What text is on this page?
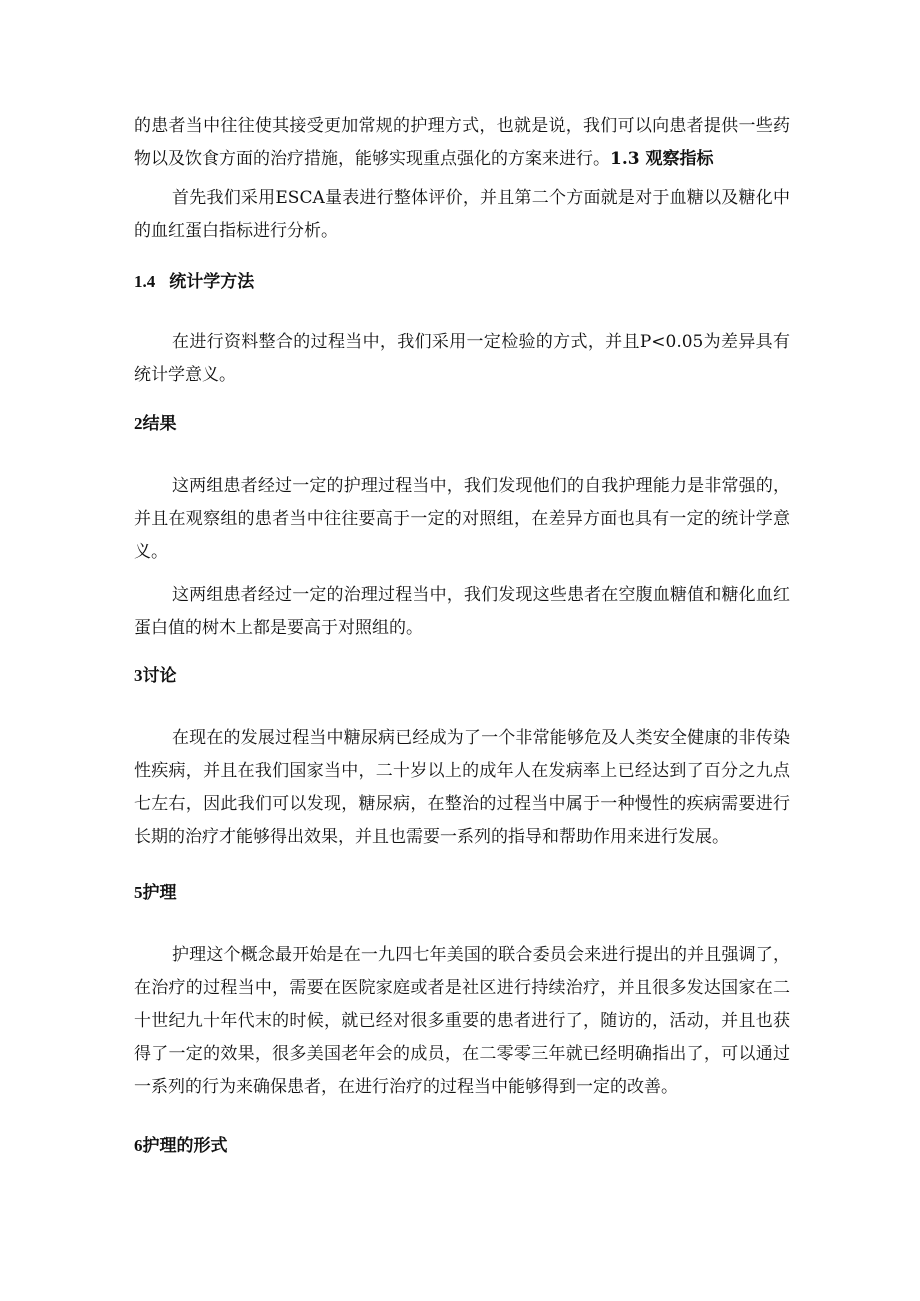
的患者当中往往使其接受更加常规的护理方式，也就是说，我们可以向患者提供一些药物以及饮食方面的治疗措施，能够实现重点强化的方案来进行。1.3 观察指标

首先我们采用ESCA量表进行整体评价，并且第二个方面就是对于血糖以及糖化中的血红蛋白指标进行分析。

1.4 统计学方法

在进行资料整合的过程当中，我们采用一定检验的方式，并且P<0.05为差异具有统计学意义。

2结果

这两组患者经过一定的护理过程当中，我们发现他们的自我护理能力是非常强的，并且在观察组的患者当中往往要高于一定的对照组，在差异方面也具有一定的统计学意义。

这两组患者经过一定的治理过程当中，我们发现这些患者在空腹血糖值和糖化血红蛋白值的树木上都是要高于对照组的。

3讨论

在现在的发展过程当中糖尿病已经成为了一个非常能够危及人类安全健康的非传染性疾病，并且在我们国家当中，二十岁以上的成年人在发病率上已经达到了百分之九点七左右，因此我们可以发现，糖尿病，在整治的过程当中属于一种慢性的疾病需要进行长期的治疗才能够得出效果，并且也需要一系列的指导和帮助作用来进行发展。

5护理

护理这个概念最开始是在一九四七年美国的联合委员会来进行提出的并且强调了，在治疗的过程当中，需要在医院家庭或者是社区进行持续治疗，并且很多发达国家在二十世纪九十年代末的时候，就已经对很多重要的患者进行了，随访的，活动，并且也获得了一定的效果，很多美国老年会的成员，在二零零三年就已经明确指出了，可以通过一系列的行为来确保患者，在进行治疗的过程当中能够得到一定的改善。

6护理的形式
